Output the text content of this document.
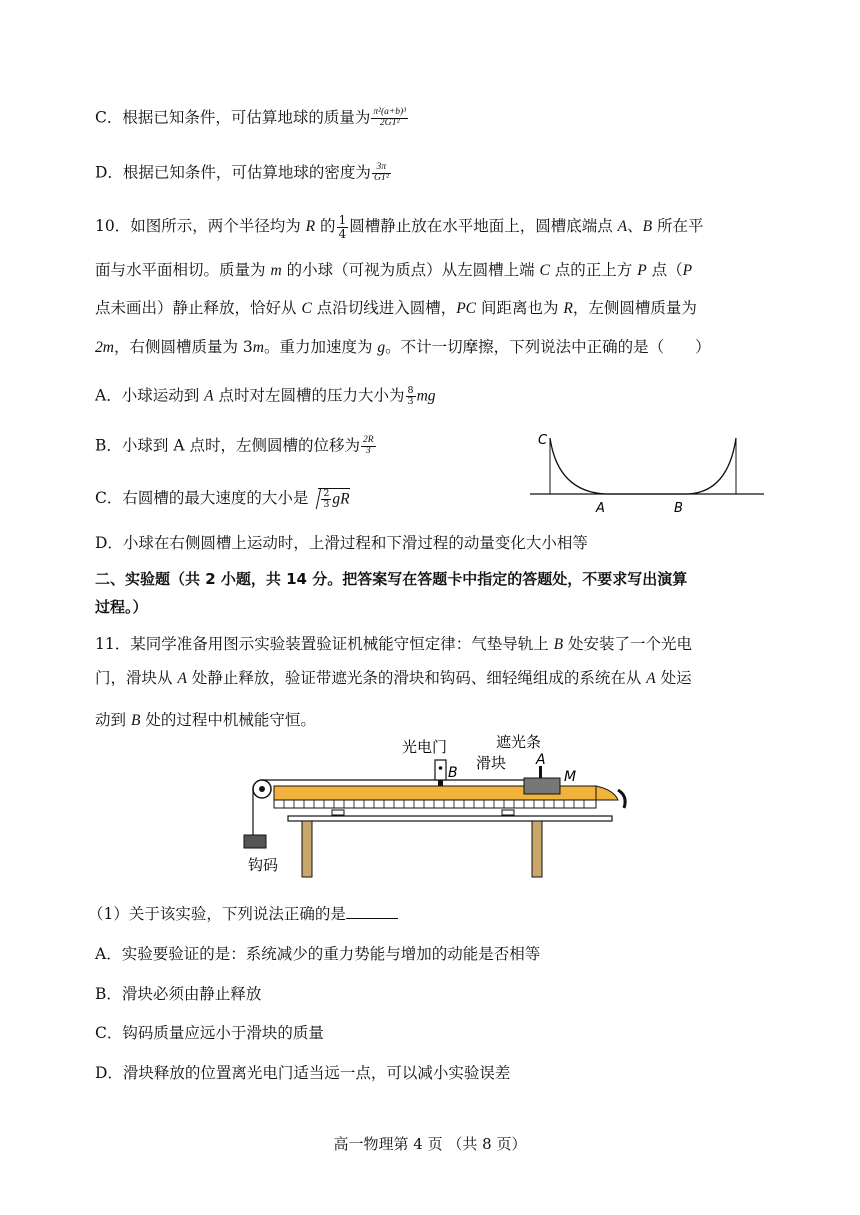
C．根据已知条件，可估算地球的质量为 $\frac{\text{π²(a+b)³}}{\text{2GT²}}$
D．根据已知条件，可估算地球的密度为 $\frac{3\pi}{\text{GT²}}$
10．如图所示，两个半径均为 R 的 $\frac{1}{4}$ 圆槽静止放在水平地面上，圆槽底端点 A、B 所在平
面与水平面相切。质量为 m 的小球（可视为质点）从左圆槽上端 C 点的正上方 P 点（P
点未画出）静止释放，恰好从 C 点沿切线进入圆槽，PC 间距离也为 R，左侧圆槽质量为
2m，右侧圆槽质量为 3m。重力加速度为 g。不计一切摩擦，下列说法中正确的是（　　）
A．小球运动到 A 点时对左圆槽的压力大小为 $\frac{8}{3}$ mg
B．小球到 A 点时，左侧圆槽的位移为 $\frac{2R}{3}$
C．右圆槽的最大速度的大小是 $\frac{2}{3}$ gR
D．小球在右侧圆槽上运动时，上滑过程和下滑过程的动量变化大小相等
C
A	B
二、实验题（共 2 小题，共 14 分。把答案写在答题卡中指定的答题处，不要求写出演算
过程。）
11．某同学准备用图示实验装置验证机械能守恒定律：气垫导轨上 B 处安装了一个光电
门，滑块从 A 处静止释放，验证带遮光条的滑块和钩码、细轻绳组成的系统在从 A 处运
动到 B 处的过程中机械能守恒。
光电门
B
遮光条
滑块 A
M
钩码
（1）关于该实验，下列说法正确的是
A．实验要验证的是：系统减少的重力势能与增加的动能是否相等
B．滑块必须由静止释放
C．钩码质量应远小于滑块的质量
D．滑块释放的位置离光电门适当远一点，可以减小实验误差
高一物理第 4 页 （共 8 页）
